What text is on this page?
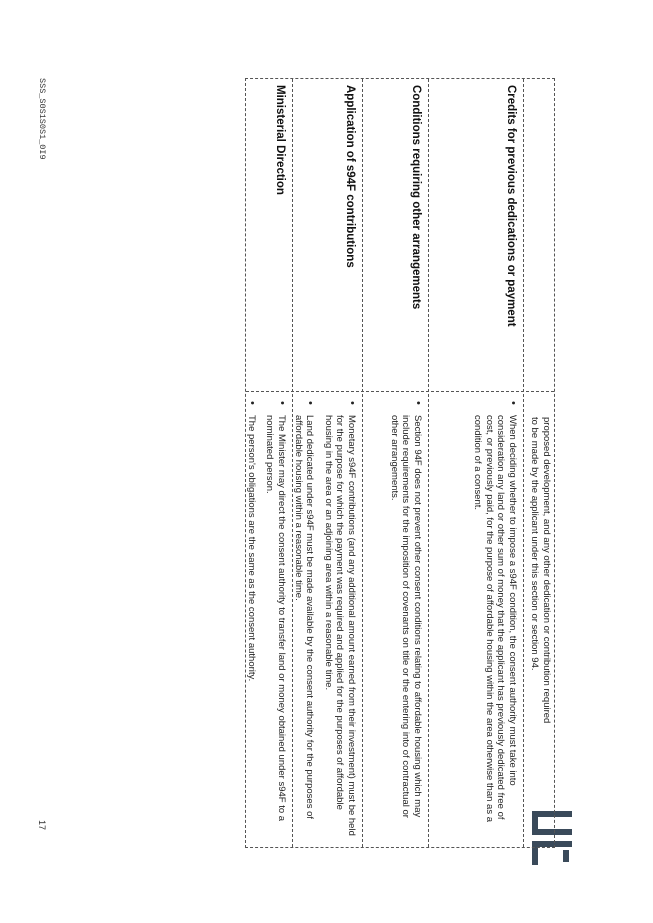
proposed development, and any other dedication or contribution required
to be made by the applicant under this section or section 94.
Credits for previous dedications or payment
•
When deciding whether to impose a s94F condition, the consent authority must take into consideration any land or other sum of money that the applicant has previously dedicated free of cost, or previously paid, for the purpose of affordable housing within the area otherwise than as a condition of a consent.
Conditions requiring other arrangements
•
Section 94F does not prevent other consent conditions relating to affordable housing which may include requirements for the imposition of covenants on title or the entering into of contractual or other arrangements.
Application of s94F contributions
•
Monetary s94F contributions (and any additional amount earned from their investment) must be held for the purpose for which the payment was required and applied for the purposes of affordable housing in the area or an adjoining area within a reasonable time.
•
Land dedicated under s94F must be made available by the consent authority for the purposes of affordable housing within a reasonable time.
Ministerial Direction
•
The Minister may direct the consent authority to transfer land or money obtained under s94F to a nominated person.
•
The person's obligations are the same as the consent authority.
SSS_S0S1S0S1_0I9
17
